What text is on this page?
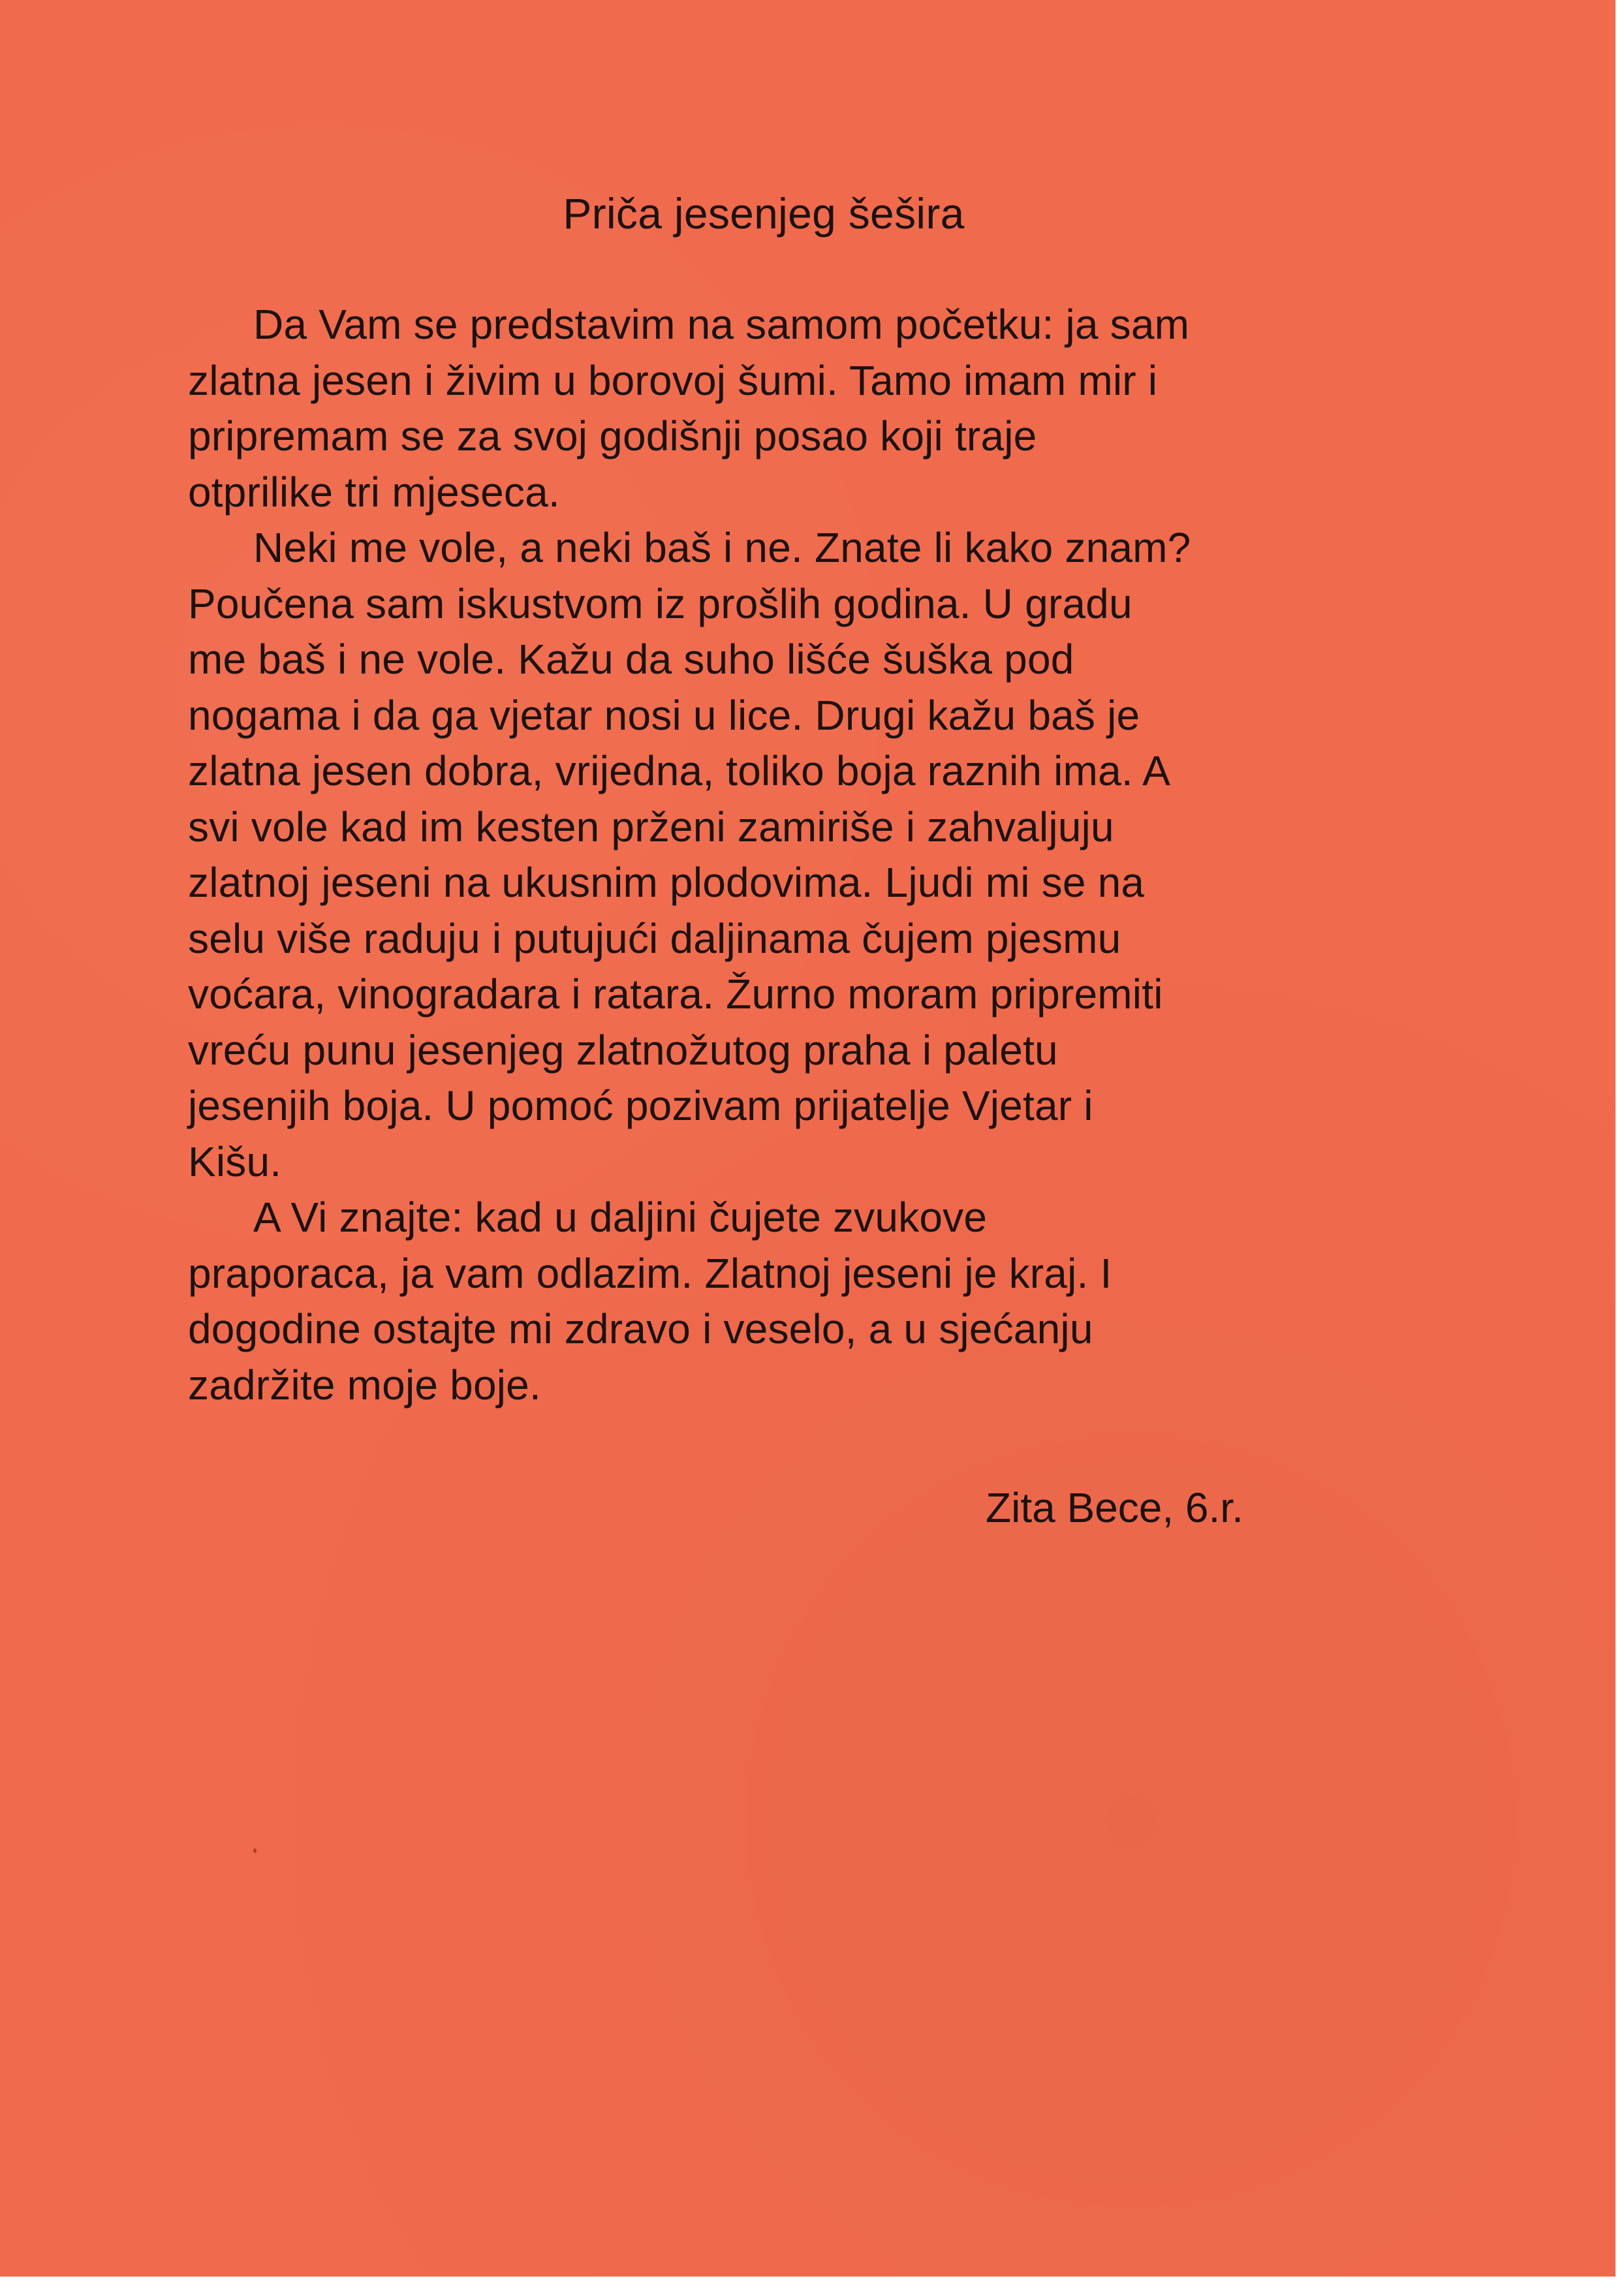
Priča jesenjeg šešira

Da Vam se predstavim na samom početku: ja sam
zlatna jesen i živim u borovoj šumi. Tamo imam mir i
pripremam se za svoj godišnji posao koji traje
otprilike tri mjeseca.

Neki me vole, a neki baš i ne. Znate li kako znam?
Poučena sam iskustvom iz prošlih godina. U gradu
me baš i ne vole. Kažu da suho lišće šuška pod
nogama i da ga vjetar nosi u lice. Drugi kažu baš je
zlatna jesen dobra, vrijedna, toliko boja raznih ima. A
svi vole kad im kesten prženi zamiriše i zahvaljuju
zlatnoj jeseni na ukusnim plodovima. Ljudi mi se na
selu više raduju i putujući daljinama čujem pjesmu
voćara, vinogradara i ratara. Žurno moram pripremiti
vreću punu jesenjeg zlatnožutog praha i paletu
jesenjih boja. U pomoć pozivam prijatelje Vjetar i
Kišu.

A Vi znajte: kad u daljini čujete zvukove
praporaca, ja vam odlazim. Zlatnoj jeseni je kraj. I
dogodine ostajte mi zdravo i veselo, a u sjećanju
zadržite moje boje.

Zita Bece, 6.r.
